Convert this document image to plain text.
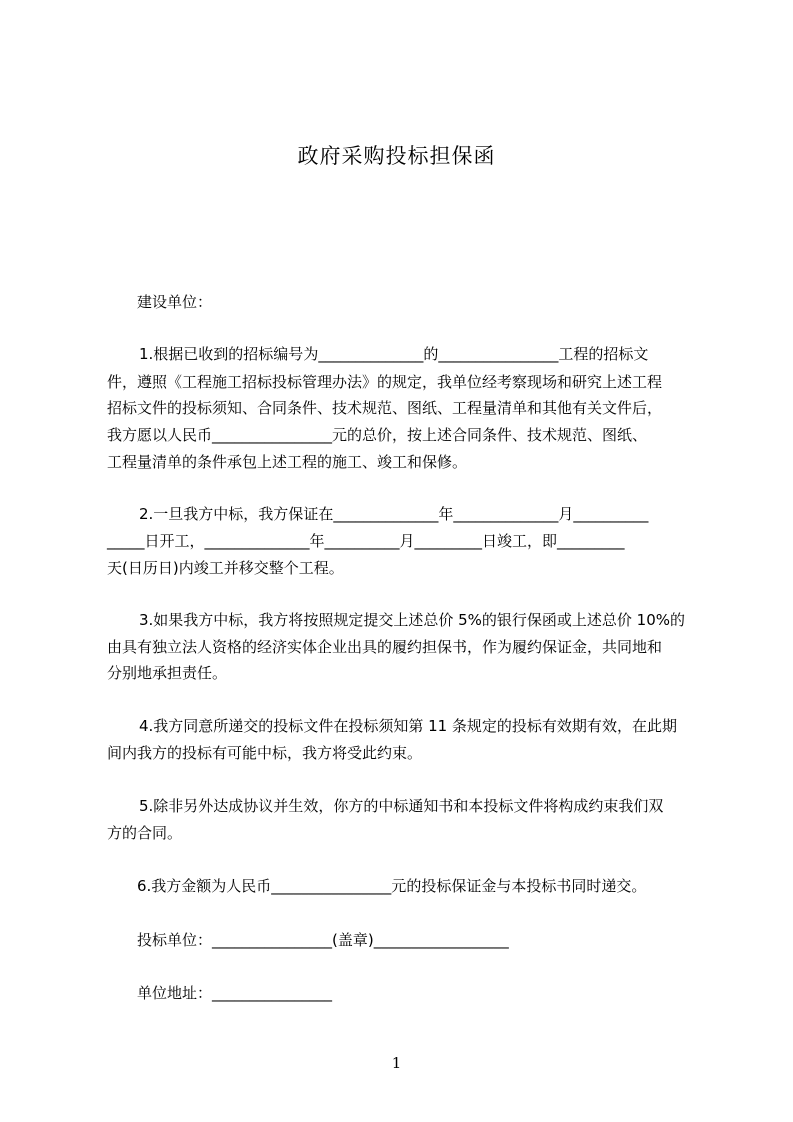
政府采购投标担保函
建设单位：
1.根据已收到的招标编号为______________的________________工程的招标文
件，遵照《工程施工招标投标管理办法》的规定，我单位经考察现场和研究上述工程
招标文件的投标须知、合同条件、技术规范、图纸、工程量清单和其他有关文件后，
我方愿以人民币________________元的总价，按上述合同条件、技术规范、图纸、
工程量清单的条件承包上述工程的施工、竣工和保修。
2.一旦我方中标，我方保证在______________年______________月__________
_____日开工，______________年__________月_________日竣工，即_________
天(日历日)内竣工并移交整个工程。
3.如果我方中标，我方将按照规定提交上述总价 5%的银行保函或上述总价 10%的
由具有独立法人资格的经济实体企业出具的履约担保书，作为履约保证金，共同地和
分别地承担责任。
4.我方同意所递交的投标文件在投标须知第 11 条规定的投标有效期有效，在此期
间内我方的投标有可能中标，我方将受此约束。
5.除非另外达成协议并生效，你方的中标通知书和本投标文件将构成约束我们双
方的合同。
6.我方金额为人民币________________元的投标保证金与本投标书同时递交。
投标单位：________________(盖章)__________________
单位地址：________________
1
